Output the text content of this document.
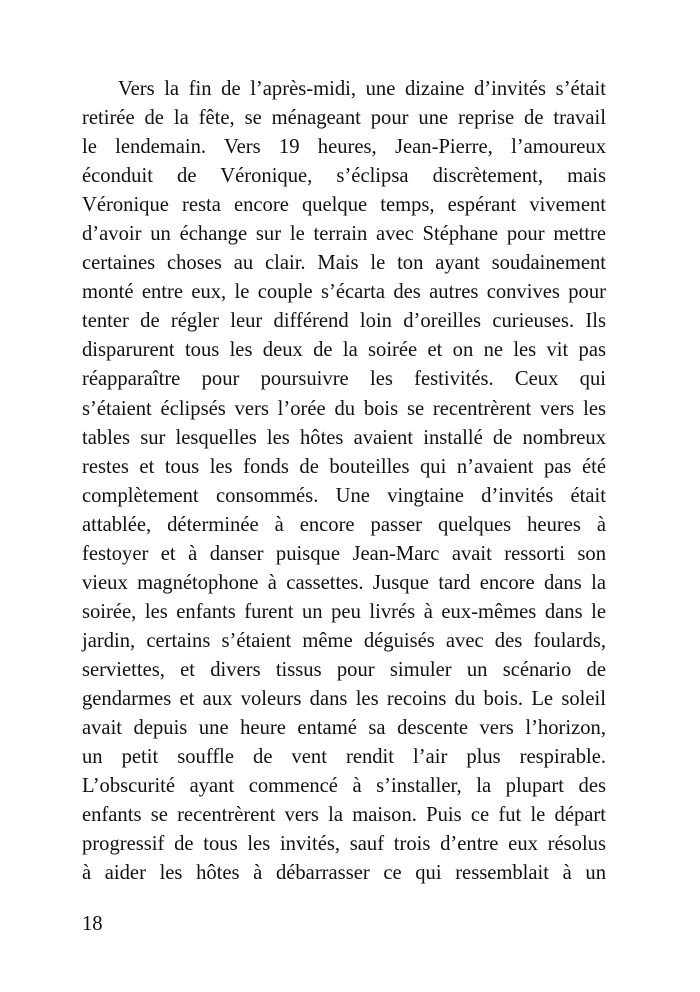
Vers la fin de l’après-midi, une dizaine d’invités s’était
retirée de la fête, se ménageant pour une reprise de travail
le lendemain. Vers 19 heures, Jean-Pierre, l’amoureux
éconduit de Véronique, s’éclipsa discrètement, mais
Véronique resta encore quelque temps, espérant vivement
d’avoir un échange sur le terrain avec Stéphane pour mettre
certaines choses au clair. Mais le ton ayant soudainement
monté entre eux, le couple s’écarta des autres convives pour
tenter de régler leur différend loin d’oreilles curieuses. Ils
disparurent tous les deux de la soirée et on ne les vit pas
réapparaître pour poursuivre les festivités. Ceux qui
s’étaient éclipsés vers l’orée du bois se recentrèrent vers les
tables sur lesquelles les hôtes avaient installé de nombreux
restes et tous les fonds de bouteilles qui n’avaient pas été
complètement consommés. Une vingtaine d’invités était
attablée, déterminée à encore passer quelques heures à
festoyer et à danser puisque Jean-Marc avait ressorti son
vieux magnétophone à cassettes. Jusque tard encore dans la
soirée, les enfants furent un peu livrés à eux-mêmes dans le
jardin, certains s’étaient même déguisés avec des foulards,
serviettes, et divers tissus pour simuler un scénario de
gendarmes et aux voleurs dans les recoins du bois. Le soleil
avait depuis une heure entamé sa descente vers l’horizon,
un petit souffle de vent rendit l’air plus respirable.
L’obscurité ayant commencé à s’installer, la plupart des
enfants se recentrèrent vers la maison. Puis ce fut le départ
progressif de tous les invités, sauf trois d’entre eux résolus
à aider les hôtes à débarrasser ce qui ressemblait à un
18
